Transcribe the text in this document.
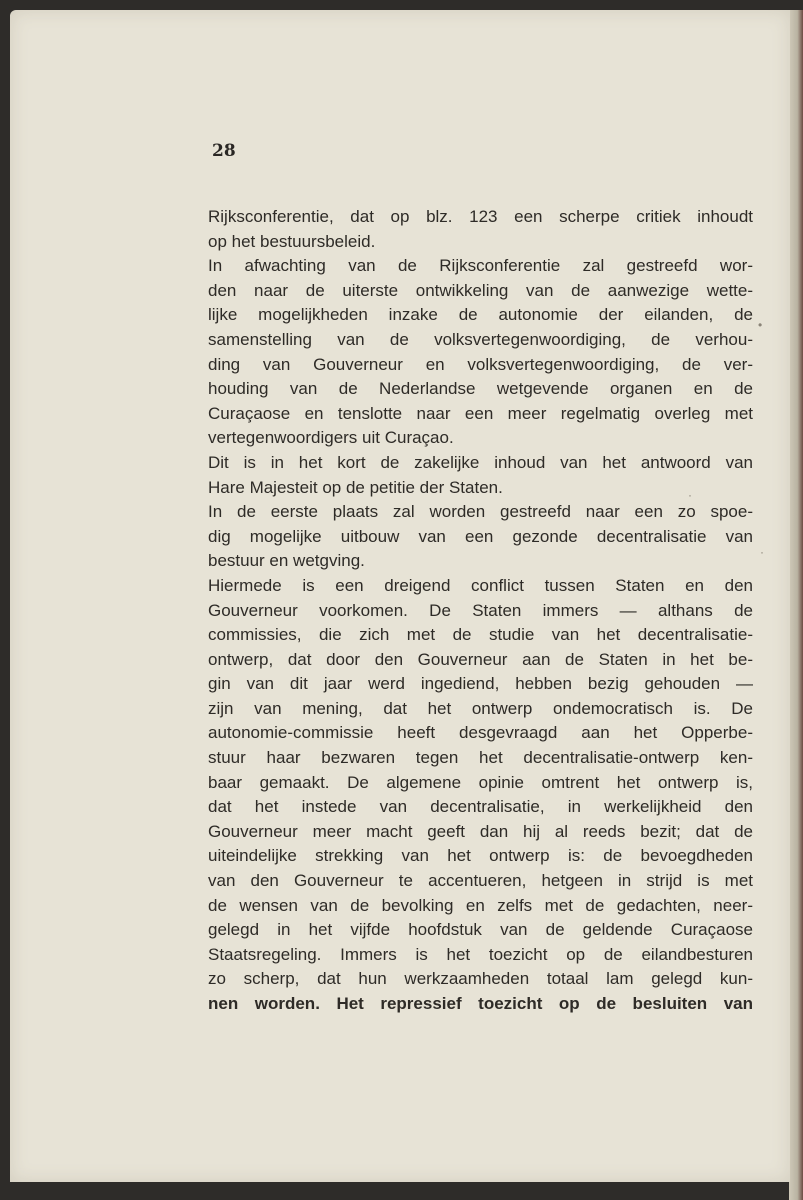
28
Rijksconferentie, dat op blz. 123 een scherpe critiek inhoudt
op het bestuursbeleid.
In afwachting van de Rijksconferentie zal gestreefd wor-
den naar de uiterste ontwikkeling van de aanwezige wette-
lijke mogelijkheden inzake de autonomie der eilanden, de
samenstelling van de volksvertegenwoordiging, de verhou-
ding van Gouverneur en volksvertegenwoordiging, de ver-
houding van de Nederlandse wetgevende organen en de
Curaçaose en tenslotte naar een meer regelmatig overleg met
vertegenwoordigers uit Curaçao.
Dit is in het kort de zakelijke inhoud van het antwoord van
Hare Majesteit op de petitie der Staten.
In de eerste plaats zal worden gestreefd naar een zo spoe-
dig mogelijke uitbouw van een gezonde decentralisatie van
bestuur en wetgving.
Hiermede is een dreigend conflict tussen Staten en den
Gouverneur voorkomen. De Staten immers — althans de
commissies, die zich met de studie van het decentralisatie-
ontwerp, dat door den Gouverneur aan de Staten in het be-
gin van dit jaar werd ingediend, hebben bezig gehouden —
zijn van mening, dat het ontwerp ondemocratisch is. De
autonomie-commissie heeft desgevraagd aan het Opperbe-
stuur haar bezwaren tegen het decentralisatie-ontwerp ken-
baar gemaakt. De algemene opinie omtrent het ontwerp is,
dat het instede van decentralisatie, in werkelijkheid den
Gouverneur meer macht geeft dan hij al reeds bezit; dat de
uiteindelijke strekking van het ontwerp is: de bevoegdheden
van den Gouverneur te accentueren, hetgeen in strijd is met
de wensen van de bevolking en zelfs met de gedachten, neer-
gelegd in het vijfde hoofdstuk van de geldende Curaçaose
Staatsregeling. Immers is het toezicht op de eilandbesturen
zo scherp, dat hun werkzaamheden totaal lam gelegd kun-
nen worden. Het repressief toezicht op de besluiten van
•
·
·
